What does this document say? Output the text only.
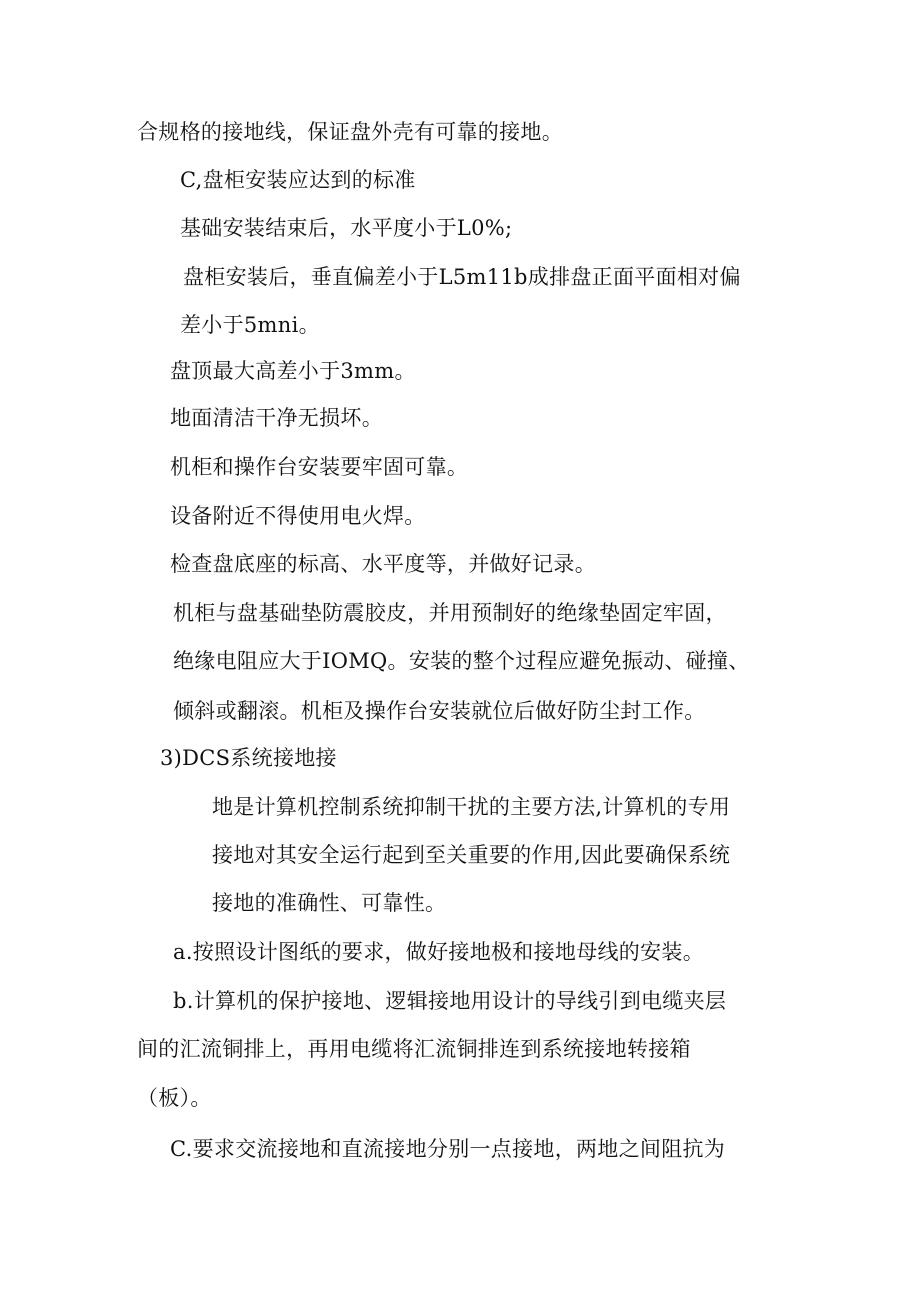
合规格的接地线，保证盘外壳有可靠的接地。
C,盘柜安装应达到的标准
基础安装结束后，水平度小于L0%;
盘柜安装后，垂直偏差小于L5m11b成排盘正面平面相对偏
差小于5mni。
盘顶最大高差小于3mm。
地面清洁干净无损坏。
机柜和操作台安装要牢固可靠。
设备附近不得使用电火焊。
检查盘底座的标高、水平度等，并做好记录。
机柜与盘基础垫防震胶皮，并用预制好的绝缘垫固定牢固，
绝缘电阻应大于IOMQ。安装的整个过程应避免振动、碰撞、
倾斜或翻滚。机柜及操作台安装就位后做好防尘封工作。
3)DCS系统接地接
地是计算机控制系统抑制干扰的主要方法,计算机的专用
接地对其安全运行起到至关重要的作用,因此要确保系统
接地的准确性、可靠性。
a.按照设计图纸的要求，做好接地极和接地母线的安装。
b.计算机的保护接地、逻辑接地用设计的导线引到电缆夹层
间的汇流铜排上，再用电缆将汇流铜排连到系统接地转接箱
（板）。
C.要求交流接地和直流接地分别一点接地，两地之间阻抗为
